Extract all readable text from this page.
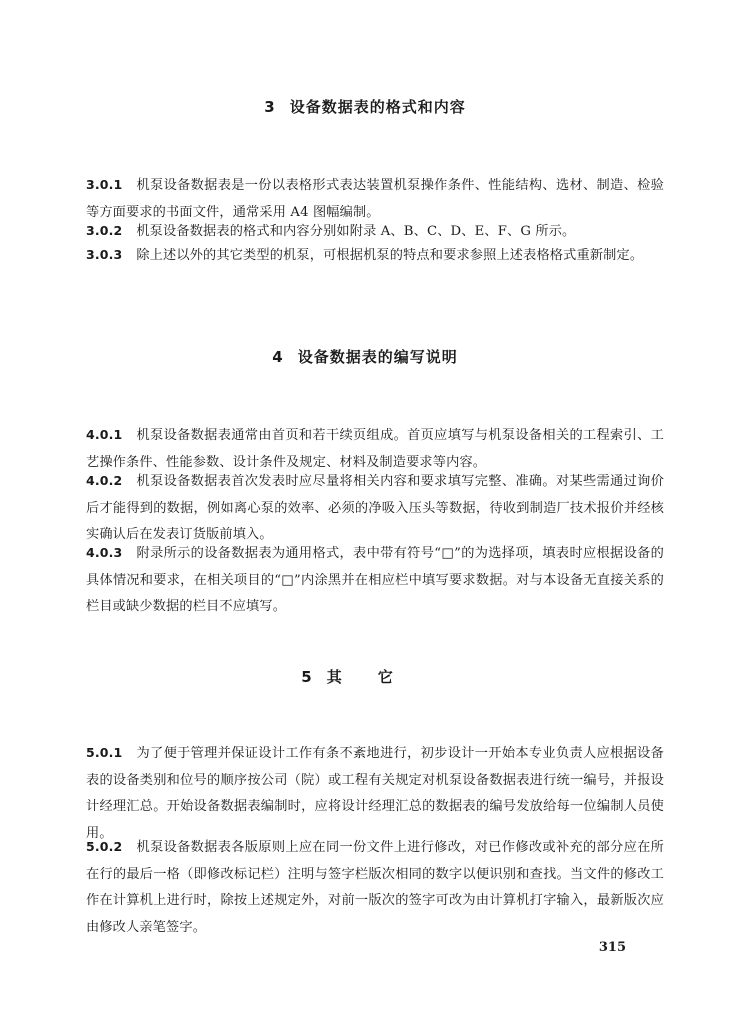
3 设备数据表的格式和内容
3.0.1 机泵设备数据表是一份以表格形式表达装置机泵操作条件、性能结构、选材、制造、检验等方面要求的书面文件，通常采用 A4 图幅编制。
3.0.2 机泵设备数据表的格式和内容分别如附录 A、B、C、D、E、F、G 所示。
3.0.3 除上述以外的其它类型的机泵，可根据机泵的特点和要求参照上述表格格式重新制定。
4 设备数据表的编写说明
4.0.1 机泵设备数据表通常由首页和若干续页组成。首页应填写与机泵设备相关的工程索引、工艺操作条件、性能参数、设计条件及规定、材料及制造要求等内容。
4.0.2 机泵设备数据表首次发表时应尽量将相关内容和要求填写完整、准确。对某些需通过询价后才能得到的数据，例如离心泵的效率、必须的净吸入压头等数据，待收到制造厂技术报价并经核实确认后在发表订货版前填入。
4.0.3 附录所示的设备数据表为通用格式，表中带有符号“□”的为选择项，填表时应根据设备的具体情况和要求，在相关项目的“□”内涂黑并在相应栏中填写要求数据。对与本设备无直接关系的栏目或缺少数据的栏目不应填写。
5 其它
5.0.1 为了便于管理并保证设计工作有条不紊地进行，初步设计一开始本专业负责人应根据设备表的设备类别和位号的顺序按公司（院）或工程有关规定对机泵设备数据表进行统一编号，并报设计经理汇总。开始设备数据表编制时，应将设计经理汇总的数据表的编号发放给每一位编制人员使用。
5.0.2 机泵设备数据表各版原则上应在同一份文件上进行修改，对已作修改或补充的部分应在所在行的最后一格（即修改标记栏）注明与签字栏版次相同的数字以便识别和查找。当文件的修改工作在计算机上进行时，除按上述规定外，对前一版次的签字可改为由计算机打字输入，最新版次应由修改人亲笔签字。
315
